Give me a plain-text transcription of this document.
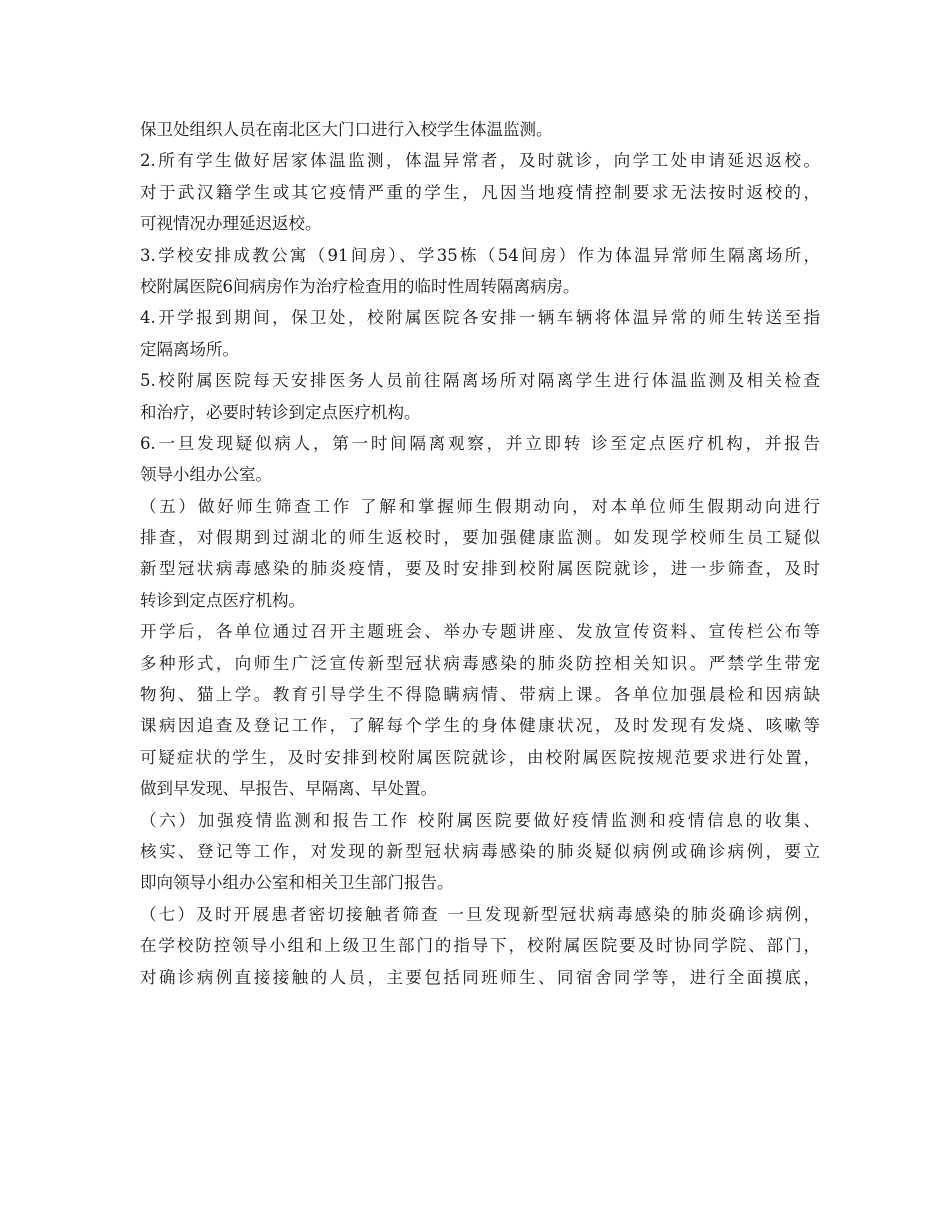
保卫处组织人员在南北区大门口进行入校学生体温监测。
2.所有学生做好居家体温监测，体温异常者，及时就诊，向学工处申请延迟返校。
对于武汉籍学生或其它疫情严重的学生，凡因当地疫情控制要求无法按时返校的，
可视情况办理延迟返校。
3.学校安排成教公寓（91间房）、学35栋（54间房）作为体温异常师生隔离场所，
校附属医院6间病房作为治疗检查用的临时性周转隔离病房。
4.开学报到期间，保卫处，校附属医院各安排一辆车辆将体温异常的师生转送至指
定隔离场所。
5.校附属医院每天安排医务人员前往隔离场所对隔离学生进行体温监测及相关检查
和治疗，必要时转诊到定点医疗机构。
6.一旦发现疑似病人，第一时间隔离观察，并立即转 诊至定点医疗机构，并报告
领导小组办公室。
（五）做好师生筛查工作 了解和掌握师生假期动向，对本单位师生假期动向进行
排查，对假期到过湖北的师生返校时，要加强健康监测。如发现学校师生员工疑似
新型冠状病毒感染的肺炎疫情，要及时安排到校附属医院就诊，进一步筛查，及时
转诊到定点医疗机构。
开学后，各单位通过召开主题班会、举办专题讲座、发放宣传资料、宣传栏公布等
多种形式，向师生广泛宣传新型冠状病毒感染的肺炎防控相关知识。严禁学生带宠
物狗、猫上学。教育引导学生不得隐瞒病情、带病上课。各单位加强晨检和因病缺
课病因追查及登记工作，了解每个学生的身体健康状况，及时发现有发烧、咳嗽等
可疑症状的学生，及时安排到校附属医院就诊，由校附属医院按规范要求进行处置，
做到早发现、早报告、早隔离、早处置。
（六）加强疫情监测和报告工作 校附属医院要做好疫情监测和疫情信息的收集、
核实、登记等工作，对发现的新型冠状病毒感染的肺炎疑似病例或确诊病例，要立
即向领导小组办公室和相关卫生部门报告。
（七）及时开展患者密切接触者筛查 一旦发现新型冠状病毒感染的肺炎确诊病例，
在学校防控领导小组和上级卫生部门的指导下，校附属医院要及时协同学院、部门，
对确诊病例直接接触的人员，主要包括同班师生、同宿舍同学等，进行全面摸底，
